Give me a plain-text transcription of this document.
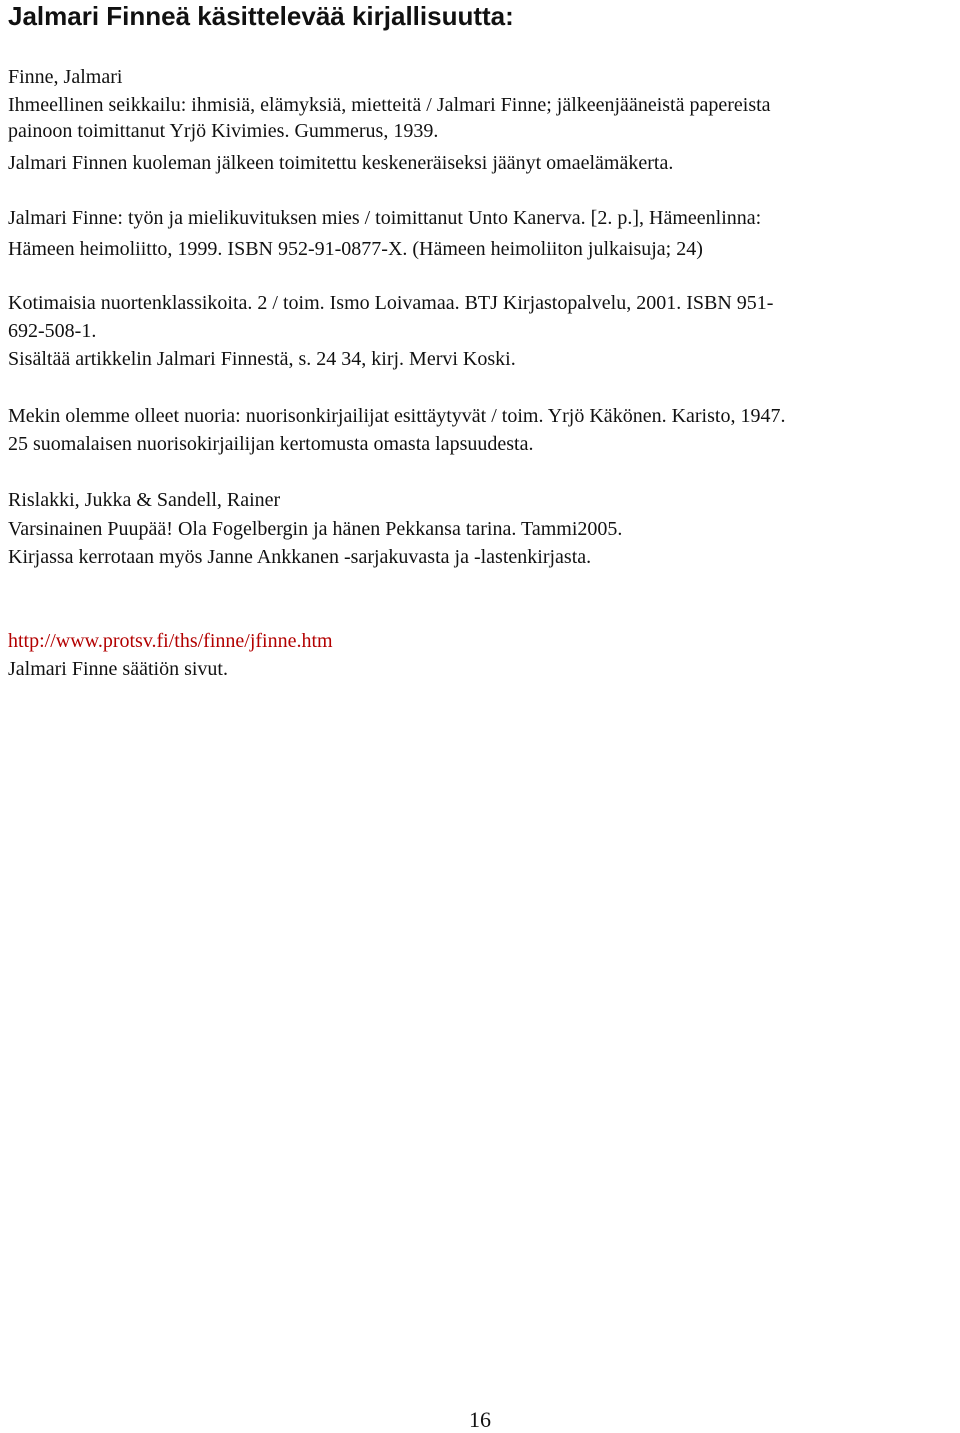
Jalmari Finneä käsittelevää kirjallisuutta:

Finne, Jalmari

Ihmeellinen seikkailu: ihmisiä, elämyksiä, mietteitä / Jalmari Finne; jälkeenjääneistä papereista

painoon toimittanut Yrjö Kivimies. Gummerus, 1939.

Jalmari Finnen kuoleman jälkeen toimitettu keskeneräiseksi jäänyt omaelämäkerta.

Jalmari Finne: työn ja mielikuvituksen mies / toimittanut Unto Kanerva. [2. p.], Hämeenlinna:

Hämeen heimoliitto, 1999. ISBN 952-91-0877-X. (Hämeen heimoliiton julkaisuja; 24)

Kotimaisia nuortenklassikoita. 2 / toim. Ismo Loivamaa. BTJ Kirjastopalvelu, 2001. ISBN 951-

692-508-1.

Sisältää artikkelin Jalmari Finnestä, s. 24 34, kirj. Mervi Koski.

Mekin olemme olleet nuoria: nuorisonkirjailijat esittäytyvät / toim. Yrjö Käkönen. Karisto, 1947.

25 suomalaisen nuorisokirjailijan kertomusta omasta lapsuudesta.

Rislakki, Jukka & Sandell, Rainer

Varsinainen Puupää! Ola Fogelbergin ja hänen Pekkansa tarina. Tammi2005.

Kirjassa kerrotaan myös Janne Ankkanen -sarjakuvasta ja -lastenkirjasta.

http://www.protsv.fi/ths/finne/jfinne.htm

Jalmari Finne säätiön sivut.

16
